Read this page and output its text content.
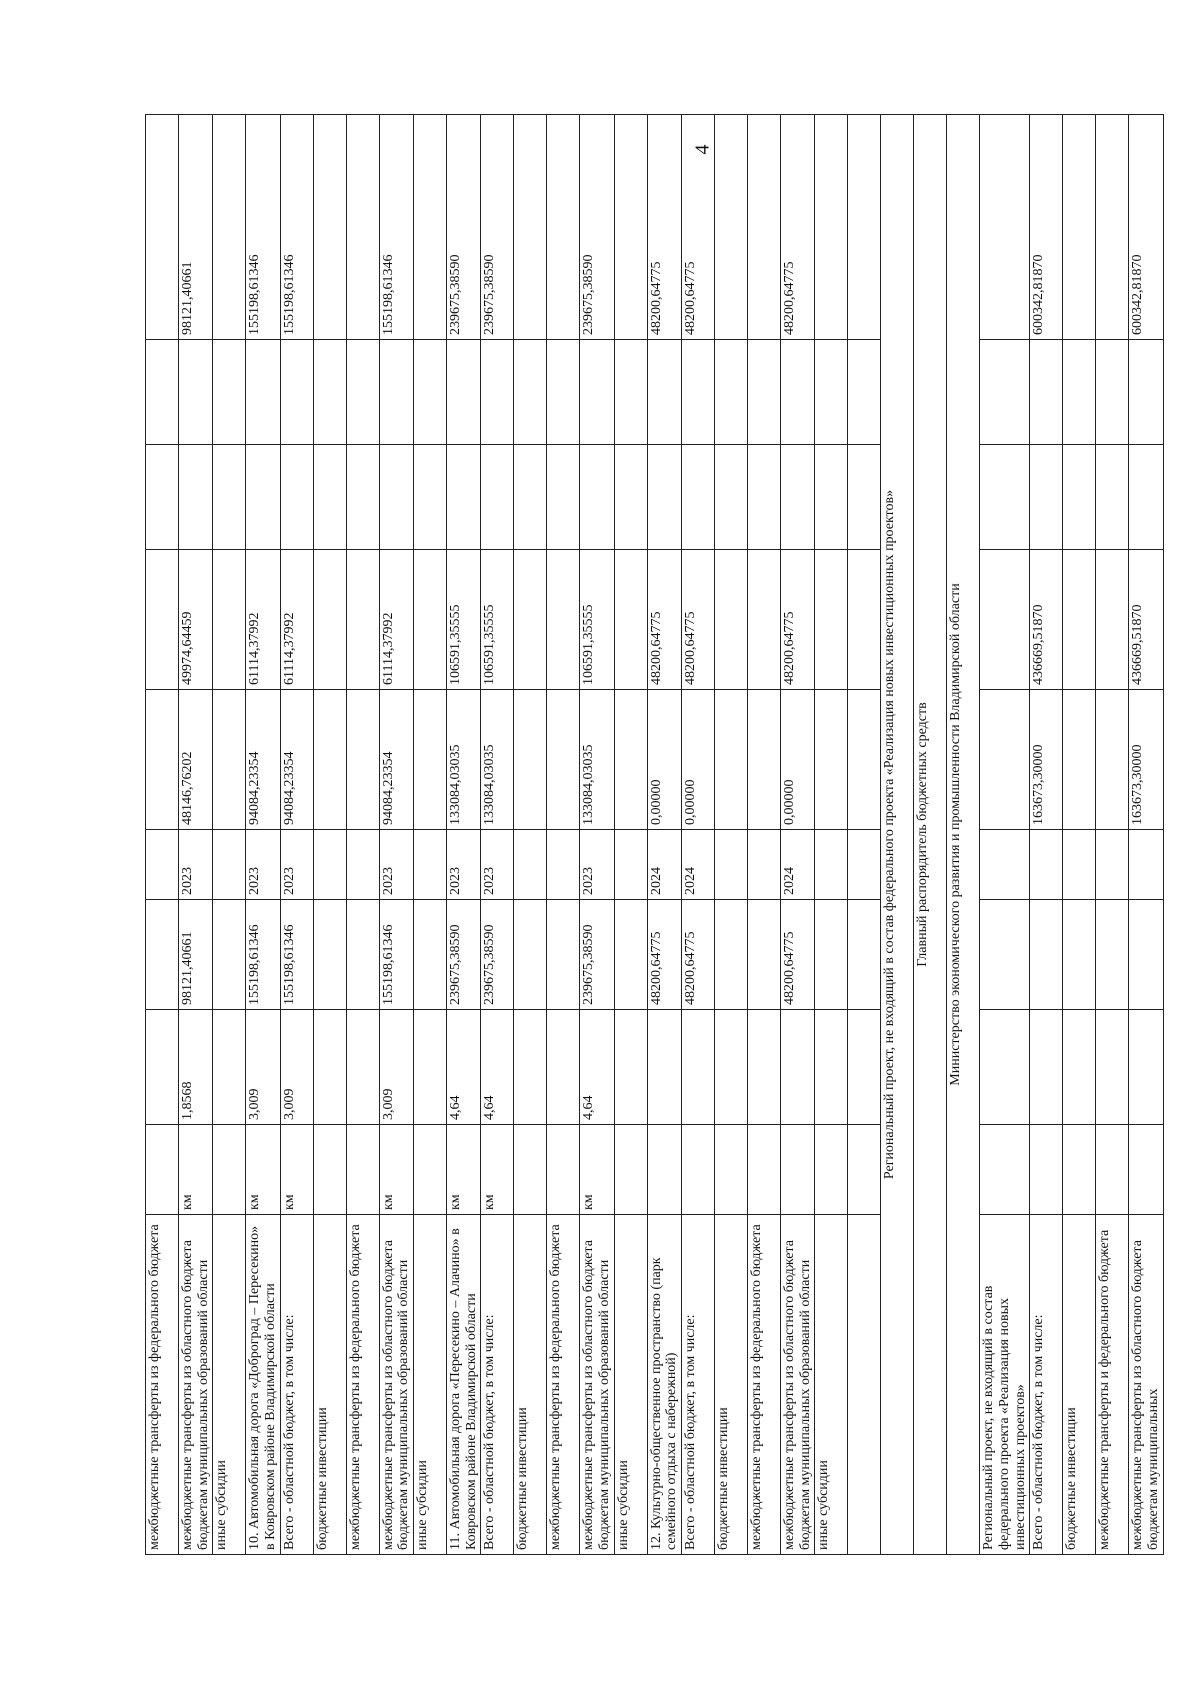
4
межбюджетные трансферты из федерального бюджета									
межбюджетные трансферты из областного бюджета бюджетам муниципальных образований области	км	1,8568	98121,40661	2023	48146,76202	49974,64459			98121,40661
иные субсидии									
10. Автомобильная дорога «Доброград – Пересекино» в Ковровском районе Владимирской области	км	3,009	155198,61346	2023	94084,23354	61114,37992			155198,61346
Всего - областной бюджет, в том числе:	км	3,009	155198,61346	2023	94084,23354	61114,37992			155198,61346
бюджетные инвестиции									
межбюджетные трансферты из федерального бюджета									
межбюджетные трансферты из областного бюджета бюджетам муниципальных образований области	км	3,009	155198,61346	2023	94084,23354	61114,37992			155198,61346
иные субсидии									
11. Автомобильная дорога «Пересекино – Алачино» в Ковровском районе Владимирской области	км	4,64	239675,38590	2023	133084,03035	106591,35555			239675,38590
Всего - областной бюджет, в том числе:	км	4,64	239675,38590	2023	133084,03035	106591,35555			239675,38590
бюджетные инвестиции									
межбюджетные трансферты из федерального бюджета									
межбюджетные трансферты из областного бюджета бюджетам муниципальных образований области	км	4,64	239675,38590	2023	133084,03035	106591,35555			239675,38590
иные субсидии									
12. Культурно-общественное пространство (парк семейного отдыха с набережной)			48200,64775	2024	0,00000	48200,64775			48200,64775
Всего - областной бюджет, в том числе:			48200,64775	2024	0,00000	48200,64775			48200,64775
бюджетные инвестиции									
межбюджетные трансферты из федерального бюджета									
межбюджетные трансферты из областного бюджета бюджетам муниципальных образований области			48200,64775	2024	0,00000	48200,64775			48200,64775
иные субсидии									

Региональный проект, не входящий в состав федерального проекта «Реализация новых инвестиционных проектов»									
Главный распорядитель бюджетных средств									
Министерство экономического развития и промышленности Владимирской области									
Региональный проект, не входящий в состав федерального проекта «Реализация новых инвестиционных проектов»									
Всего - областной бюджет, в том числе:					163673,30000	436669,51870			600342,81870
бюджетные инвестиции									
межбюджетные трансферты и федерального бюджета									
межбюджетные трансферты из областного бюджета бюджетам муниципальных					163673,30000	436669,51870			600342,81870
